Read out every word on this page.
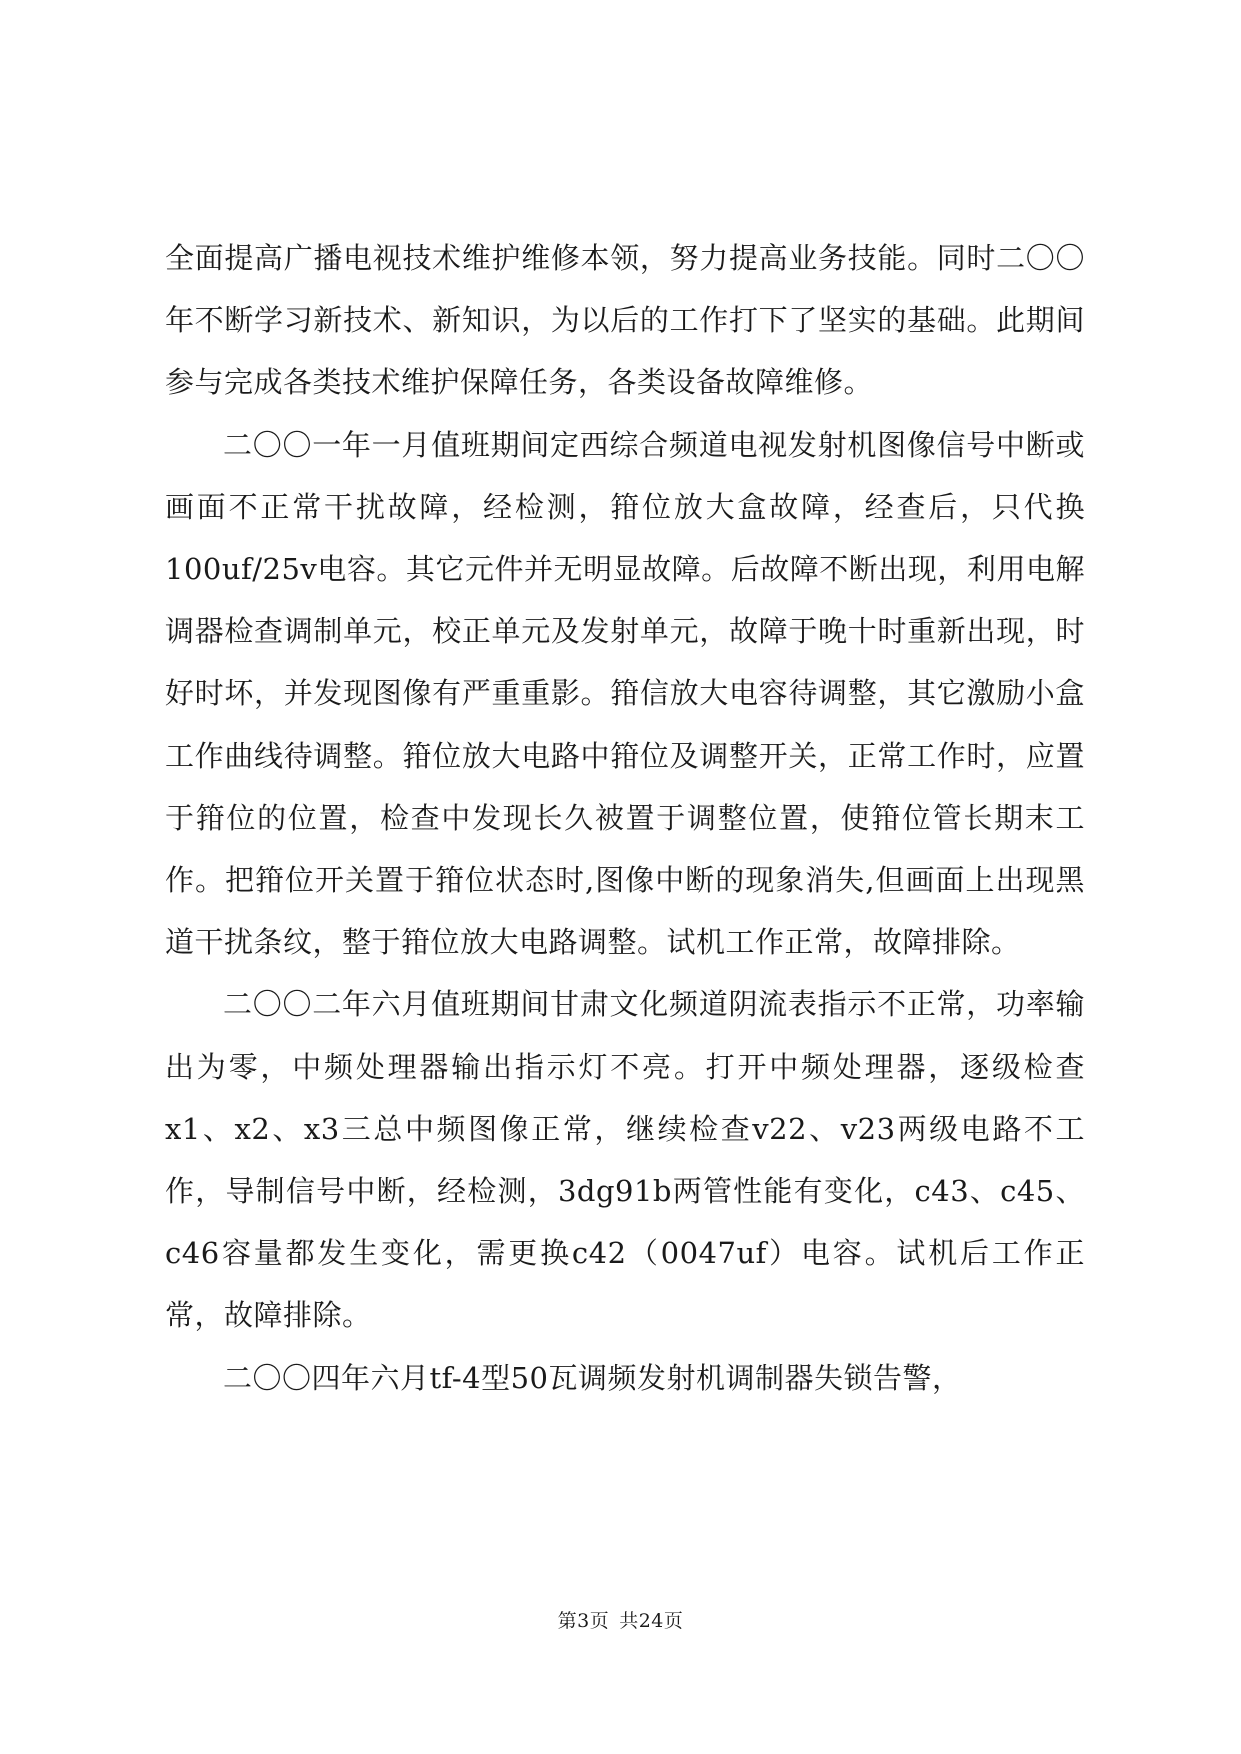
全面提高广播电视技术维护维修本领，努力提高业务技能。同时二〇〇年不断学习新技术、新知识，为以后的工作打下了坚实的基础。此期间参与完成各类技术维护保障任务，各类设备故障维修。

二〇〇一年一月值班期间定西综合频道电视发射机图像信号中断或画面不正常干扰故障，经检测，箝位放大盒故障，经查后，只代换100uf/25v电容。其它元件并无明显故障。后故障不断出现，利用电解调器检查调制单元，校正单元及发射单元，故障于晚十时重新出现，时好时坏，并发现图像有严重重影。箝信放大电容待调整，其它激励小盒工作曲线待调整。箝位放大电路中箝位及调整开关，正常工作时，应置于箝位的位置，检查中发现长久被置于调整位置，使箝位管长期末工作。把箝位开关置于箝位状态时,图像中断的现象消失,但画面上出现黑道干扰条纹，整于箝位放大电路调整。试机工作正常，故障排除。

二〇〇二年六月值班期间甘肃文化频道阴流表指示不正常，功率输出为零，中频处理器输出指示灯不亮。打开中频处理器，逐级检查x1、x2、x3三总中频图像正常，继续检查v22、v23两级电路不工作，导制信号中断，经检测，3dg91b两管性能有变化，c43、c45、c46容量都发生变化，需更换c42（0047uf）电容。试机后工作正常，故障排除。

二〇〇四年六月tf-4型50瓦调频发射机调制器失锁告警，

第3页 共24页
